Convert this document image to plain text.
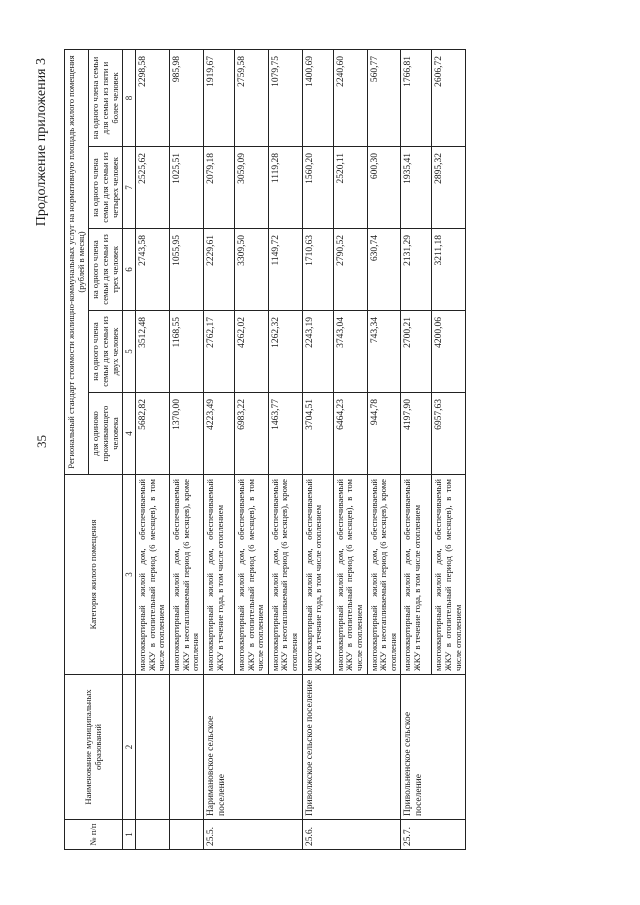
35
Продолжение приложения 3
№ п/п	Наименование муниципальных образований	Категория жилого помещения	Региональный стандарт стоимости жилищно-коммунальных услуг на нормативную площадь жилого помещения (рублей в месяц)				
			для одиноко проживающего человека	на одного члена семьи для семьи из двух человек	на одного члена семьи для семьи из трех человек	на одного члена семьи для семьи из четырех человек	на одного члена семьи для семьи из пяти и более человек
1	2	3	4	5	6	7	8
		многоквартирный жилой дом, обеспечиваемый ЖКУ в отопительный период (6 месяцев), в том числе отоплением	5682,82	3512,48	2743,58	2525,62	2298,58
		многоквартирный жилой дом, обеспечиваемый ЖКУ в неотапливаемый период (6 месяцев), кроме отопления	1370,00	1168,55	1055,95	1025,51	985,98
25.5.	Наримановское сельское поселение	многоквартирный жилой дом, обеспечиваемый ЖКУ в течение года, в том числе отоплением	4223,49	2762,17	2229,61	2079,18	1919,67
		многоквартирный жилой дом, обеспечиваемый ЖКУ в отопительный период (6 месяцев), в том числе отоплением	6983,22	4262,02	3309,50	3059,09	2759,58
		многоквартирный жилой дом, обеспечиваемый ЖКУ в неотапливаемый период (6 месяцев), кроме отопления	1463,77	1262,32	1149,72	1119,28	1079,75
25.6.	Приволжское сельское поселение	многоквартирный жилой дом, обеспечиваемый ЖКУ в течение года, в том числе отоплением	3704,51	2243,19	1710,63	1560,20	1400,69
		многоквартирный жилой дом, обеспечиваемый ЖКУ в отопительный период (6 месяцев), в том числе отоплением	6464,23	3743,04	2790,52	2520,11	2240,60
		многоквартирный жилой дом, обеспечиваемый ЖКУ в неотапливаемый период (6 месяцев), кроме отопления	944,78	743,34	630,74	600,30	560,77
25.7.	Привольненское сельское поселение	многоквартирный жилой дом, обеспечиваемый ЖКУ в течение года, в том числе отоплением	4197,90	2700,21	2131,29	1935,41	1766,81
		многоквартирный жилой дом, обеспечиваемый ЖКУ в отопительный период (6 месяцев), в том числе отоплением	6957,63	4200,06	3211,18	2895,32	2606,72
